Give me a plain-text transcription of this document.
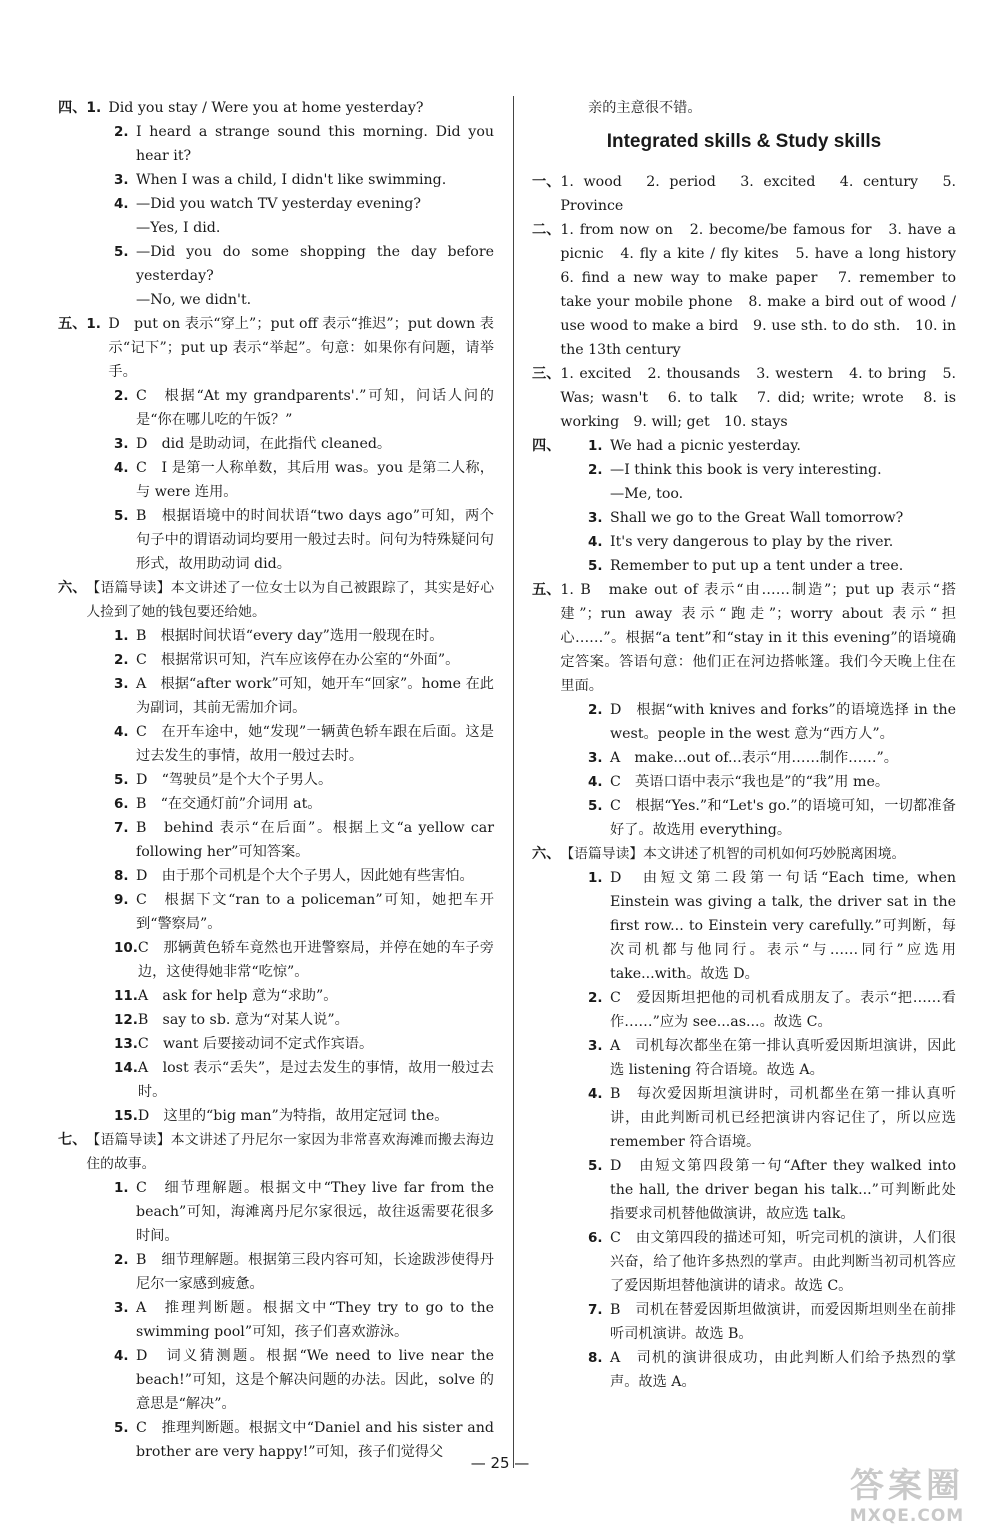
四、 1. Did you stay / Were you at home yesterday?
2. I heard a strange sound this morning. Did you hear it?
3. When I was a child, I didn't like swimming.
4. —Did you watch TV yesterday evening?
—Yes, I did.
5. —Did you do some shopping the day before yesterday?
—No, we didn't.
五、 1. D　put on 表示“穿上”；put off 表示“推迟”；put down 表示“记下”；put up 表示“举起”。句意：如果你有问题，请举手。
2. C　根据“At my grandparents'.”可知，问话人问的是“你在哪儿吃的午饭？”
3. D　did 是助动词，在此指代 cleaned。
4. C　I 是第一人称单数，其后用 was。you 是第二人称，与 were 连用。
5. B　根据语境中的时间状语“two days ago”可知，两个句子中的谓语动词均要用一般过去时。问句为特殊疑问句形式，故用助动词 did。
六、 【语篇导读】本文讲述了一位女士以为自己被跟踪了，其实是好心人捡到了她的钱包要还给她。
1. B　根据时间状语“every day”选用一般现在时。
2. C　根据常识可知，汽车应该停在办公室的“外面”。
3. A　根据“after work”可知，她开车“回家”。home 在此为副词，其前无需加介词。
4. C　在开车途中，她“发现”一辆黄色轿车跟在后面。这是过去发生的事情，故用一般过去时。
5. D　“驾驶员”是个大个子男人。
6. B　“在交通灯前”介词用 at。
7. B　behind 表示“在后面”。根据上文“a yellow car following her”可知答案。
8. D　由于那个司机是个大个子男人，因此她有些害怕。
9. C　根据下文“ran to a policeman”可知，她把车开到“警察局”。
10. C　那辆黄色轿车竟然也开进警察局，并停在她的车子旁边，这使得她非常“吃惊”。
11. A　ask for help 意为“求助”。
12. B　say to sb. 意为“对某人说”。
13. C　want 后要接动词不定式作宾语。
14. A　lost 表示“丢失”，是过去发生的事情，故用一般过去时。
15. D　这里的“big man”为特指，故用定冠词 the。
七、 【语篇导读】本文讲述了丹尼尔一家因为非常喜欢海滩而搬去海边住的故事。
1. C　细节理解题。根据文中“They live far from the beach”可知，海滩离丹尼尔家很远，故往返需要花很多时间。
2. B　细节理解题。根据第三段内容可知，长途跋涉使得丹尼尔一家感到疲惫。
3. A　推理判断题。根据文中“They try to go to the swimming pool”可知，孩子们喜欢游泳。
4. D　词义猜测题。根据“We need to live near the beach!”可知，这是个解决问题的办法。因此，solve 的意思是“解决”。
5. C　推理判断题。根据文中“Daniel and his sister and brother are very happy!”可知，孩子们觉得父
亲的主意很不错。
Integrated skills & Study skills
一、 1. wood　2. period　3. excited　4. century　5. Province
二、 1. from now on　2. become/be famous for　3. have a picnic　4. fly a kite / fly kites　5. have a long history　6. find a new way to make paper　7. remember to take your mobile phone　8. make a bird out of wood / use wood to make a bird　9. use sth. to do sth.　10. in the 13th century
三、 1. excited　2. thousands　3. western　4. to bring　5. Was; wasn't　6. to talk　7. did; write; wrote　8. is working　9. will; get　10. stays
四、 1. We had a picnic yesterday.
2. —I think this book is very interesting.
—Me, too.
3. Shall we go to the Great Wall tomorrow?
4. It's very dangerous to play by the river.
5. Remember to put up a tent under a tree.
五、 1. B　make out of 表示“由……制造”；put up 表示“搭建”；run away 表示“跑走”；worry about 表示“担心……”。根据“a tent”和“stay in it this evening”的语境确定答案。答语句意：他们正在河边搭帐篷。我们今天晚上住在里面。
2. D　根据“with knives and forks”的语境选择 in the west。people in the west 意为“西方人”。
3. A　make...out of...表示“用……制作……”。
4. C　英语口语中表示“我也是”的“我”用 me。
5. C　根据“Yes.”和“Let's go.”的语境可知，一切都准备好了。故选用 everything。
六、 【语篇导读】本文讲述了机智的司机如何巧妙脱离困境。
1. D　由短文第二段第一句话“Each time, when Einstein was giving a talk, the driver sat in the first row... to Einstein very carefully.”可判断，每次司机都与他同行。表示“与……同行”应选用 take...with。故选 D。
2. C　爱因斯坦把他的司机看成朋友了。表示“把……看作……”应为 see...as...。故选 C。
3. A　司机每次都坐在第一排认真听爱因斯坦演讲，因此选 listening 符合语境。故选 A。
4. B　每次爱因斯坦演讲时，司机都坐在第一排认真听讲，由此判断司机已经把演讲内容记住了，所以应选 remember 符合语境。
5. D　由短文第四段第一句“After they walked into the hall, the driver began his talk...”可判断此处指要求司机替他做演讲，故应选 talk。
6. C　由文第四段的描述可知，听完司机的演讲，人们很兴奋，给了他许多热烈的掌声。由此判断当初司机答应了爱因斯坦替他演讲的请求。故选 C。
7. B　司机在替爱因斯坦做演讲，而爱因斯坦则坐在前排听司机演讲。故选 B。
8. A　司机的演讲很成功，由此判断人们给予热烈的掌声。故选 A。
— 25 —
答案圈
MXQE.COM
